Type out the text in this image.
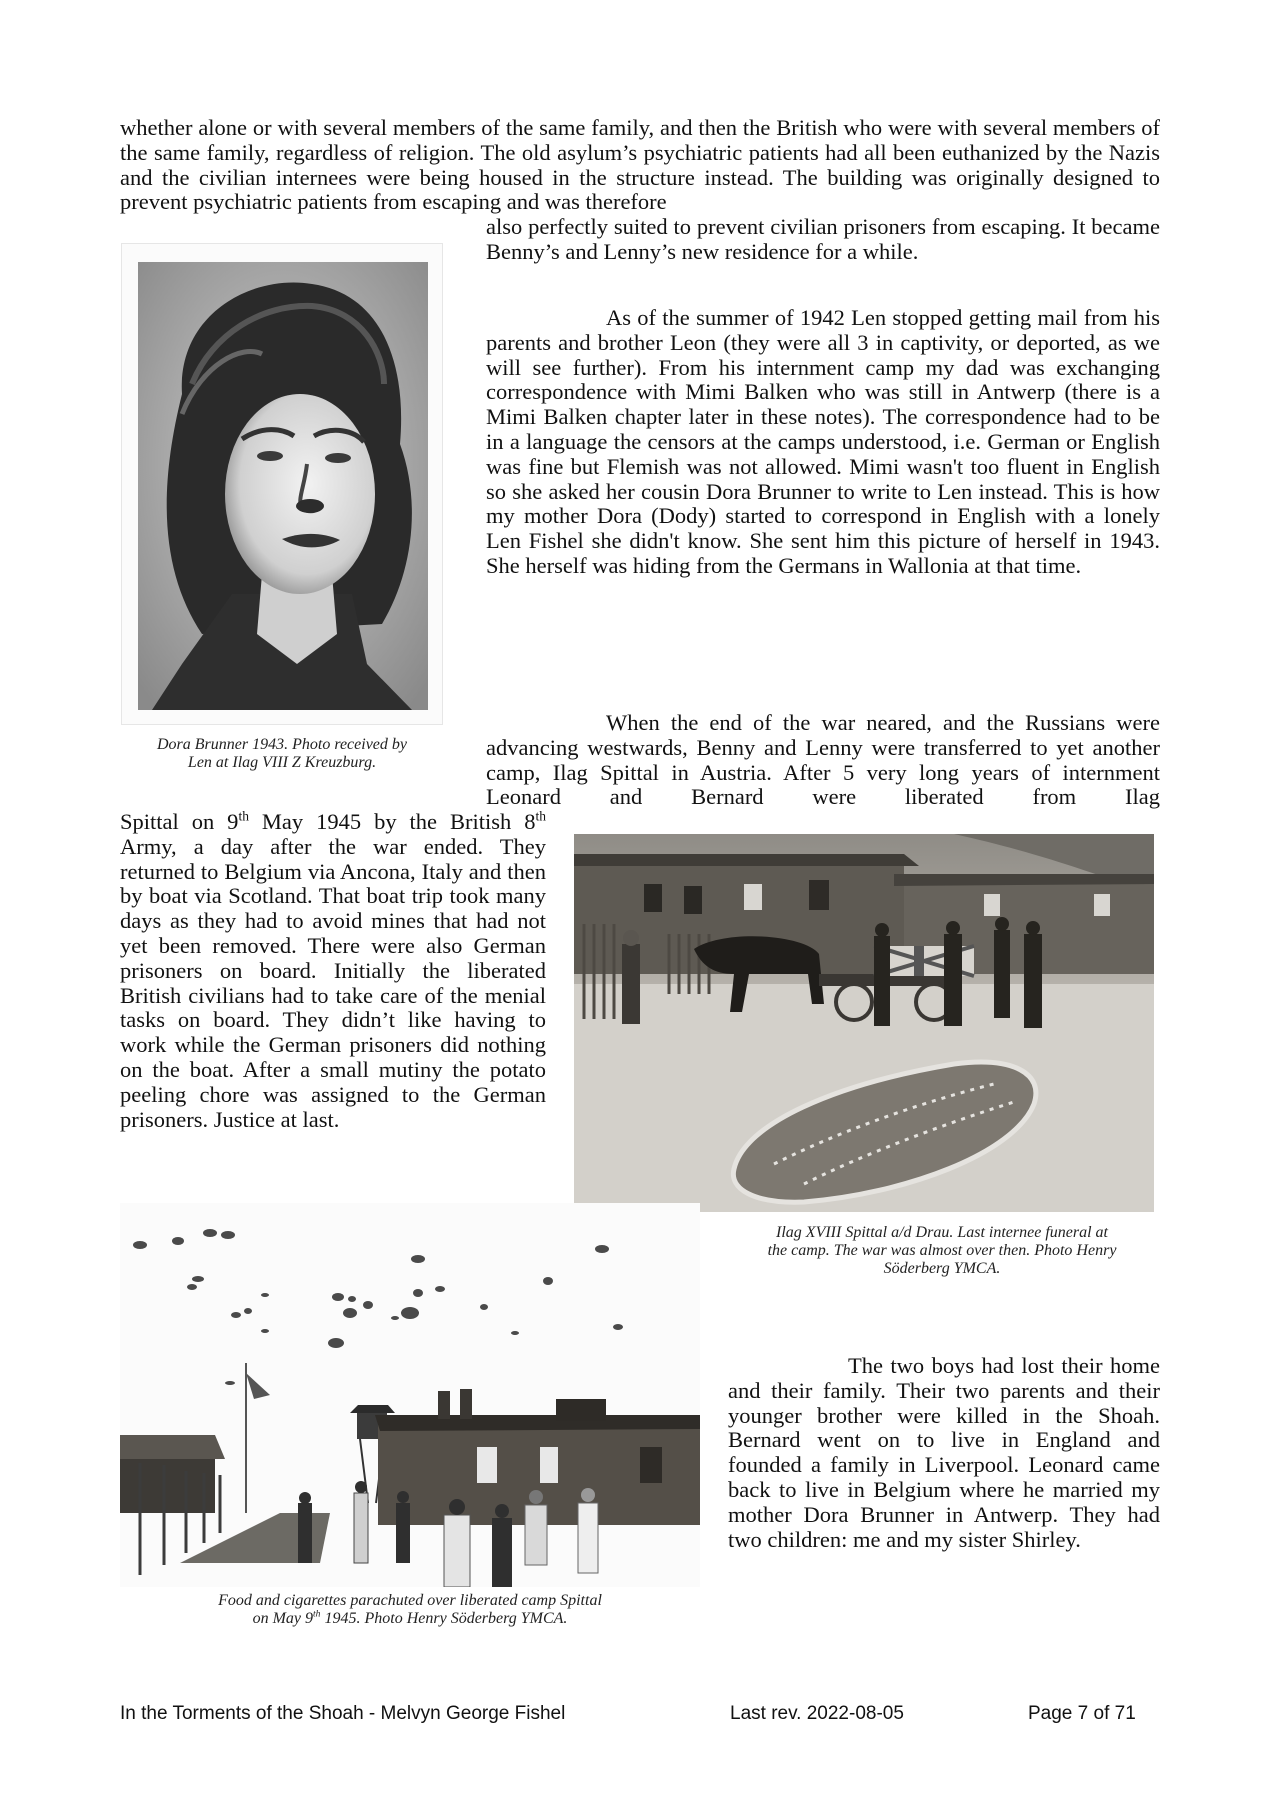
whether alone or with several members of the same family, and then the British who were with several members of the same family, regardless of religion. The old asylum’s psychiatric patients had all been euthanized by the Nazis and the civilian internees were being housed in the structure instead. The building was originally designed to prevent psychiatric patients from escaping and was therefore

also perfectly suited to prevent civilian prisoners from escaping. It became Benny’s and Lenny’s new residence for a while.

Dora Brunner 1943. Photo received by
Len at Ilag VIII Z Kreuzburg.

As of the summer of 1942 Len stopped getting mail from his parents and brother Leon (they were all 3 in captivity, or deported, as we will see further). From his internment camp my dad was exchanging correspondence with Mimi Balken who was still in Antwerp (there is a Mimi Balken chapter later in these notes). The correspondence had to be in a language the censors at the camps understood, i.e. German or English was fine but Flemish was not allowed. Mimi wasn't too fluent in English so she asked her cousin Dora Brunner to write to Len instead. This is how my mother Dora (Dody) started to correspond in English with a lonely Len Fishel she didn't know. She sent him this picture of herself in 1943. She herself was hiding from the Germans in Wallonia at that time.

When the end of the war neared, and the Russians were advancing westwards, Benny and Lenny were transferred to yet another camp, Ilag Spittal in Austria. After 5 very long years of internment Leonard and Bernard were liberated from Ilag

Spittal on 9th May 1945 by the British 8th Army, a day after the war ended. They returned to Belgium via Ancona, Italy and then by boat via Scotland. That boat trip took many days as they had to avoid mines that had not yet been removed. There were also German prisoners on board. Initially the liberated British civilians had to take care of the menial tasks on board. They didn’t like having to work while the German prisoners did nothing on the boat. After a small mutiny the potato peeling chore was assigned to the German prisoners. Justice at last.

Ilag XVIII Spittal a/d Drau. Last internee funeral at
the camp. The war was almost over then. Photo Henry
Söderberg YMCA.
Food and cigarettes parachuted over liberated camp Spittal
on May 9th 1945. Photo Henry Söderberg YMCA.

The two boys had lost their home and their family. Their two parents and their younger brother were killed in the Shoah. Bernard went on to live in England and founded a family in Liverpool. Leonard came back to live in Belgium where he married my mother Dora Brunner in Antwerp. They had two children: me and my sister Shirley.

In the Torments of the Shoah - Melvyn George Fishel	Last rev. 2022-08-05	Page 7 of 71
